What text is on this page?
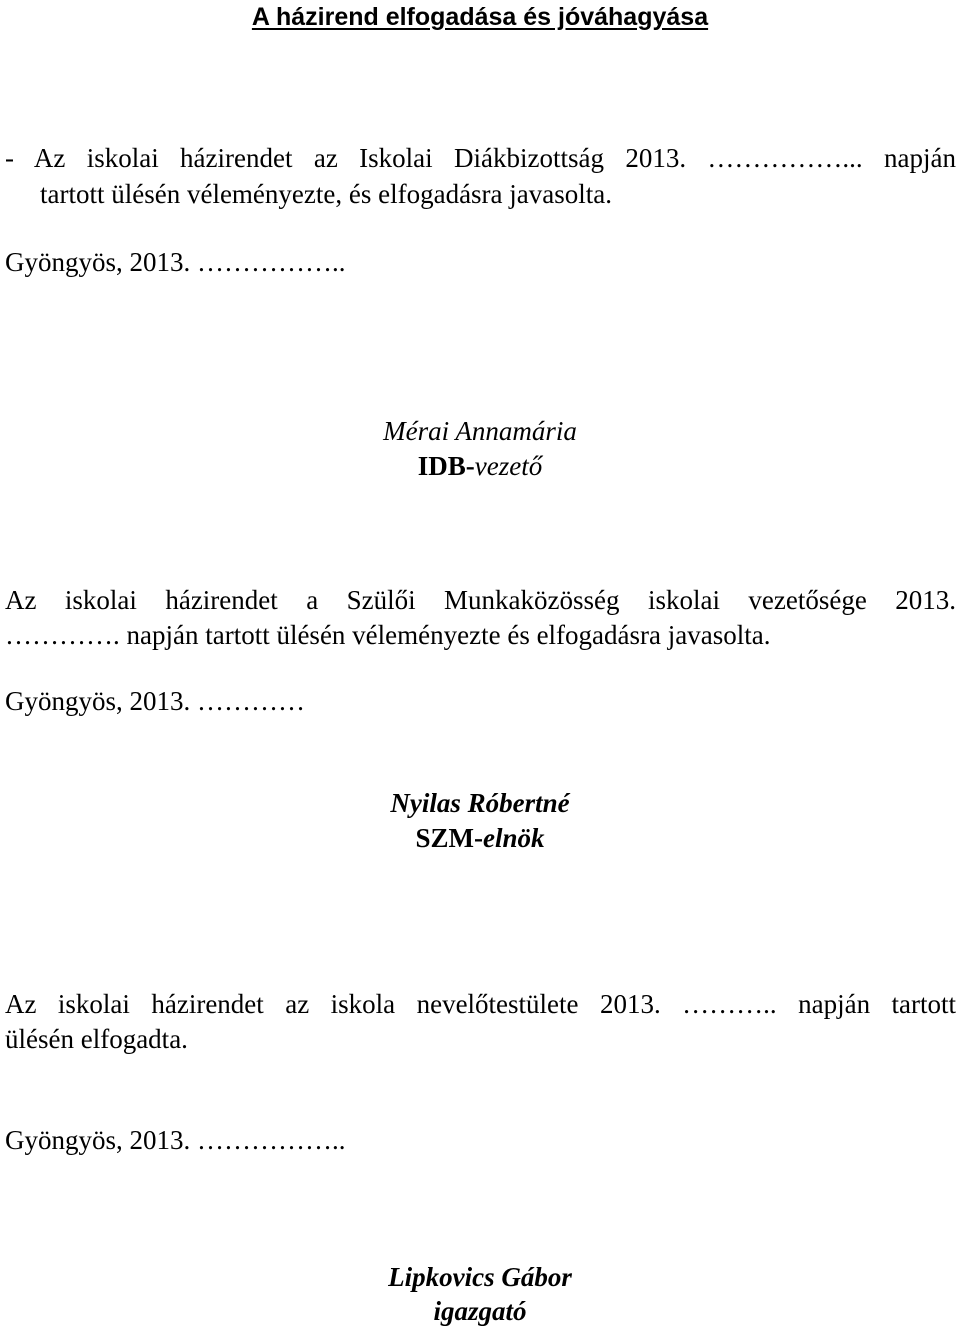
A házirend elfogadása és jóváhagyása
- Az iskolai házirendet az Iskolai Diákbizottság 2013. ……………... napján
tartott ülésén véleményezte, és elfogadásra javasolta.
Gyöngyös, 2013. ……………..
Mérai Annamária
IDB-vezető
Az iskolai házirendet a Szülői Munkaközösség iskolai vezetősége 2013.
…………. napján tartott ülésén véleményezte és elfogadásra javasolta.
Gyöngyös, 2013. …………
Nyilas Róbertné
SZM-elnök
Az iskolai házirendet az iskola nevelőtestülete 2013. ……….. napján tartott
ülésén elfogadta.
Gyöngyös, 2013. ……………..
Lipkovics Gábor
igazgató
